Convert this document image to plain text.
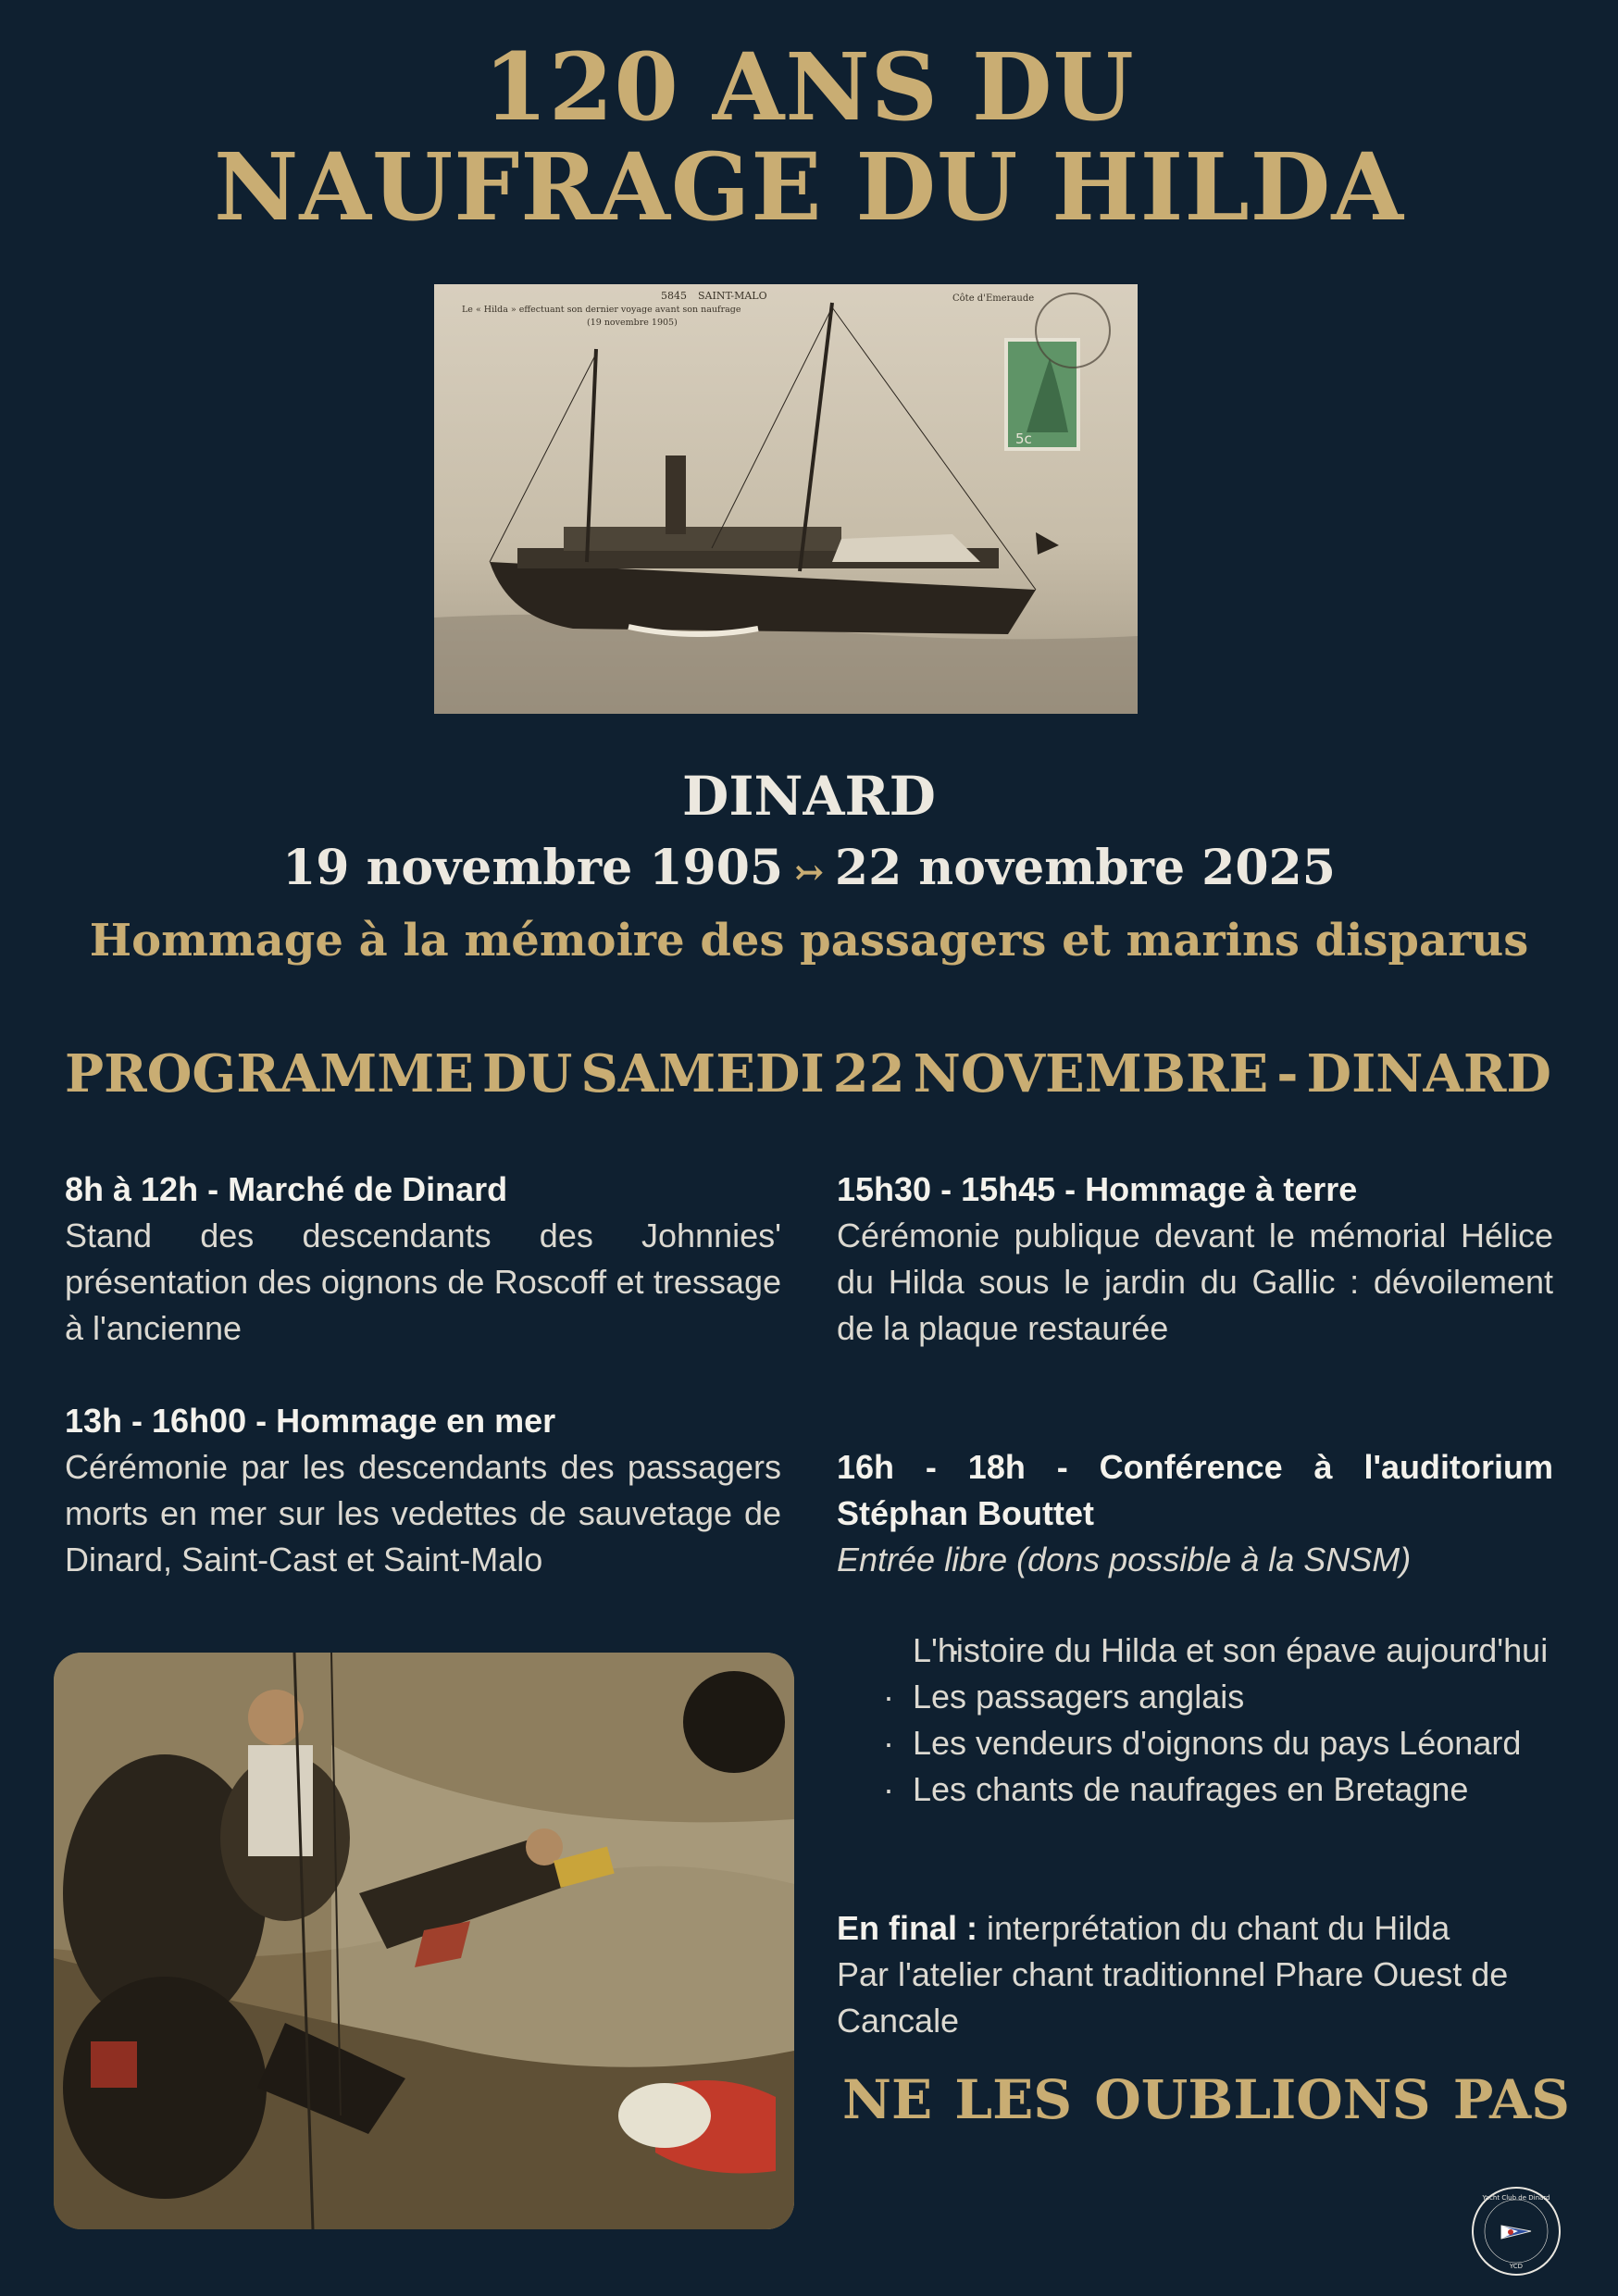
120 ANS DU
NAUFRAGE DU HILDA
5845 SAINT-MALO
Le « Hilda » effectuant son dernier voyage avant son naufrage
(19 novembre 1905)
Côte d'Emeraude
5c
DINARD
19 novembre 1905 ↣ 22 novembre 2025
Hommage à la mémoire des passagers et marins disparus
PROGRAMME DU SAMEDI 22 NOVEMBRE - DINARD
8h à 12h - Marché de Dinard
Stand des descendants des Johnnies' présentation des oignons de Roscoff et tressage à l'ancienne
13h - 16h00 - Hommage en mer
Cérémonie par les descendants des passagers morts en mer sur les vedettes de sauvetage de Dinard, Saint-Cast et Saint-Malo
15h30 - 15h45 - Hommage à terre
Cérémonie publique devant le mémorial Hélice du Hilda sous le jardin du Gallic : dévoilement de la plaque restaurée
16h - 18h - Conférence à l'auditorium
Stéphan Bouttet
Entrée libre (dons possible à la SNSM)
· L'histoire du Hilda et son épave aujourd'hui
· Les passagers anglais
· Les vendeurs d'oignons du pays Léonard
· Les chants de naufrages en Bretagne
En final : interprétation du chant du Hilda
Par l'atelier chant traditionnel Phare Ouest de Cancale
NE LES OUBLIONS PAS
Yacht Club de Dinard
YCD
